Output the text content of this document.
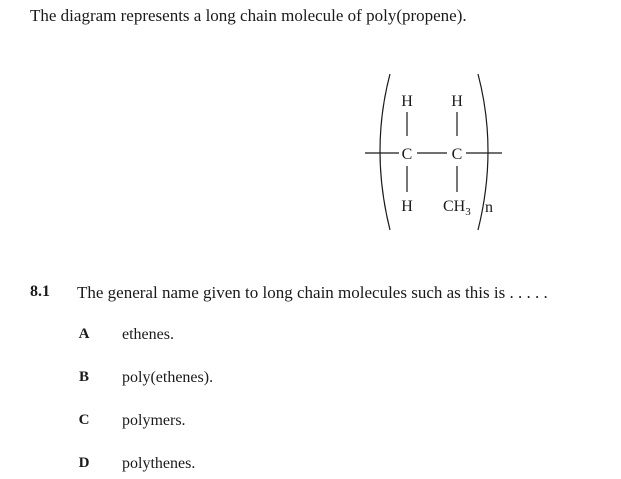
The diagram represents a long chain molecule of poly(propene).
H H
C C
H $CH_3$ n
8.1 The general name given to long chain molecules such as this is . . . . .
A ethenes.
B poly(ethenes).
C polymers.
D polythenes.
